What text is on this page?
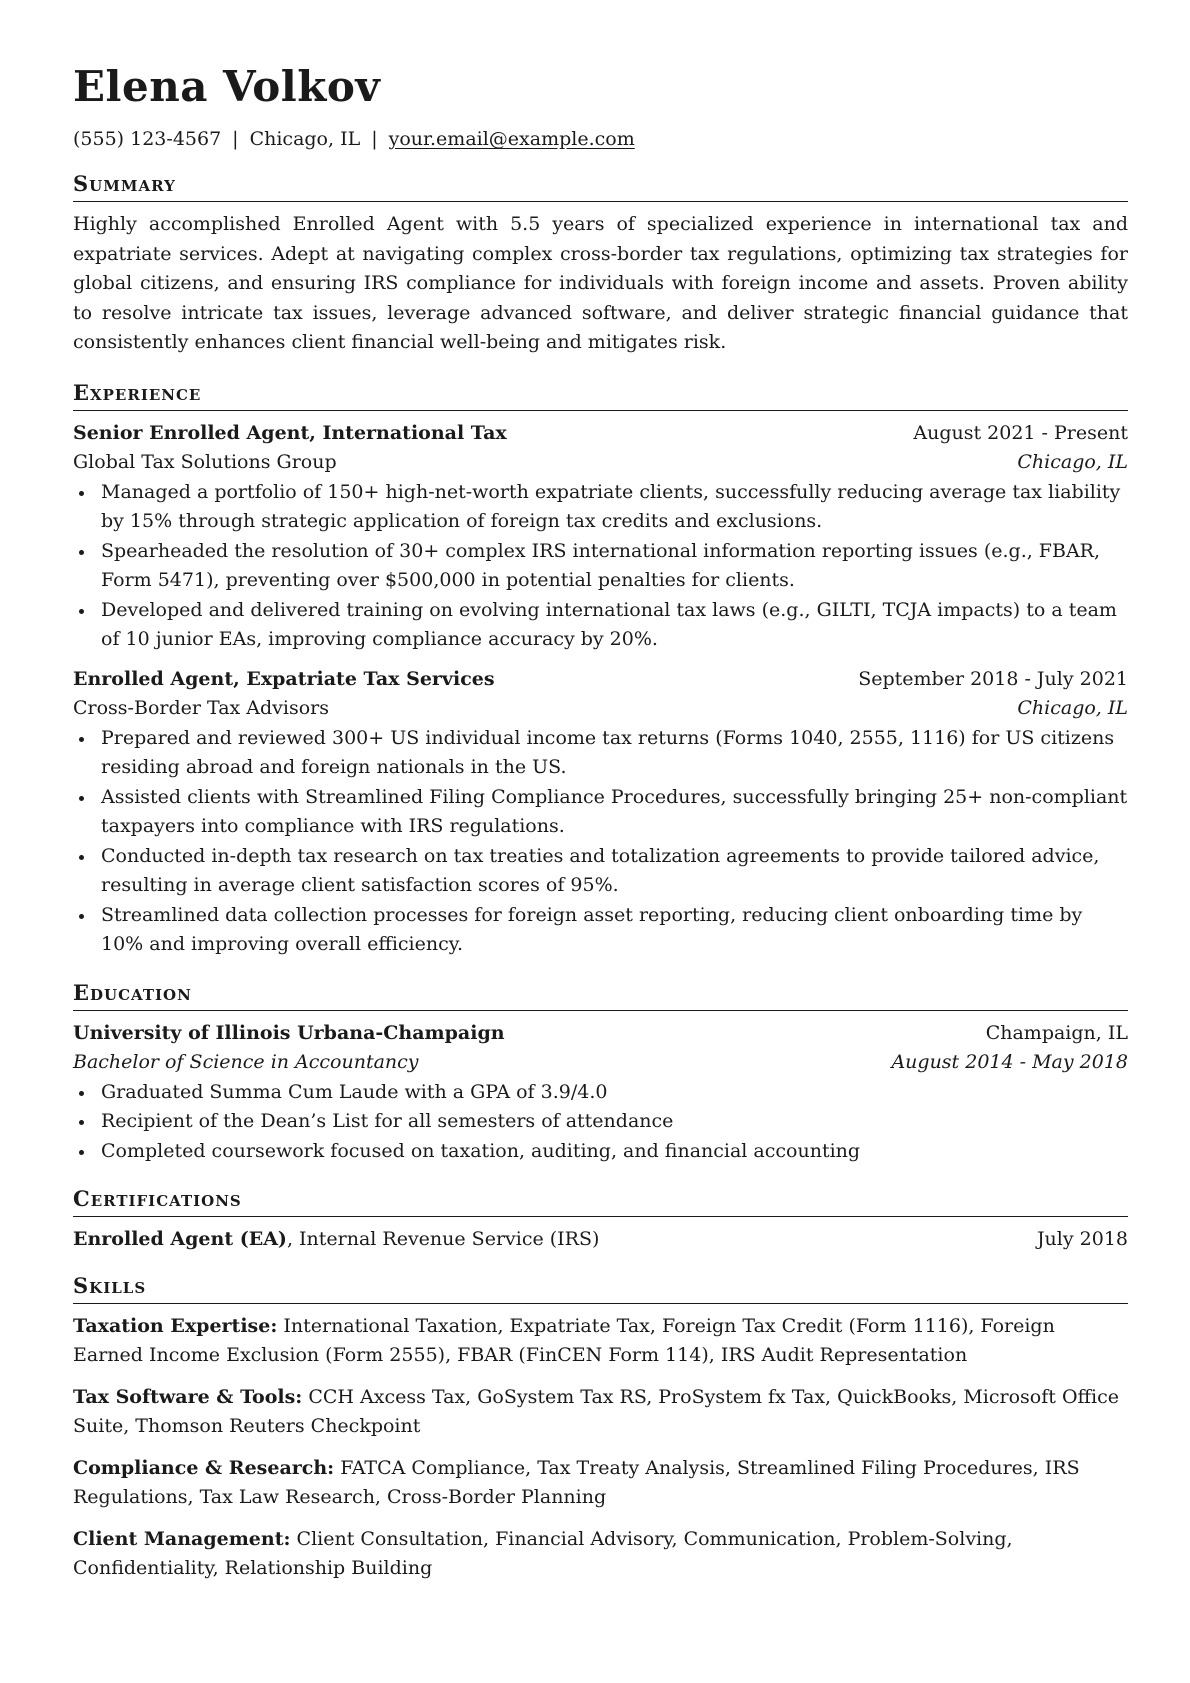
Elena Volkov
(555) 123-4567 | Chicago, IL | your.email@example.com
Summary
Highly accomplished Enrolled Agent with 5.5 years of specialized experience in international tax and expatriate services. Adept at navigating complex cross-border tax regulations, optimizing tax strategies for global citizens, and ensuring IRS compliance for individuals with foreign income and assets. Proven ability to resolve intricate tax issues, leverage advanced software, and deliver strategic financial guidance that consistently enhances client financial well-being and mitigates risk.
Experience
Senior Enrolled Agent, International Tax	August 2021 - Present
Global Tax Solutions Group	Chicago, IL
Managed a portfolio of 150+ high-net-worth expatriate clients, successfully reducing average tax liability by 15% through strategic application of foreign tax credits and exclusions.
Spearheaded the resolution of 30+ complex IRS international information reporting issues (e.g., FBAR, Form 5471), preventing over $500,000 in potential penalties for clients.
Developed and delivered training on evolving international tax laws (e.g., GILTI, TCJA impacts) to a team of 10 junior EAs, improving compliance accuracy by 20%.
Enrolled Agent, Expatriate Tax Services	September 2018 - July 2021
Cross-Border Tax Advisors	Chicago, IL
Prepared and reviewed 300+ US individual income tax returns (Forms 1040, 2555, 1116) for US citizens residing abroad and foreign nationals in the US.
Assisted clients with Streamlined Filing Compliance Procedures, successfully bringing 25+ non-compliant taxpayers into compliance with IRS regulations.
Conducted in-depth tax research on tax treaties and totalization agreements to provide tailored advice, resulting in average client satisfaction scores of 95%.
Streamlined data collection processes for foreign asset reporting, reducing client onboarding time by 10% and improving overall efficiency.
Education
University of Illinois Urbana-Champaign	Champaign, IL
Bachelor of Science in Accountancy	August 2014 - May 2018
Graduated Summa Cum Laude with a GPA of 3.9/4.0
Recipient of the Dean’s List for all semesters of attendance
Completed coursework focused on taxation, auditing, and financial accounting
Certifications
Enrolled Agent (EA), Internal Revenue Service (IRS)	July 2018
Skills
Taxation Expertise: International Taxation, Expatriate Tax, Foreign Tax Credit (Form 1116), Foreign Earned Income Exclusion (Form 2555), FBAR (FinCEN Form 114), IRS Audit Representation
Tax Software & Tools: CCH Axcess Tax, GoSystem Tax RS, ProSystem fx Tax, QuickBooks, Microsoft Office Suite, Thomson Reuters Checkpoint
Compliance & Research: FATCA Compliance, Tax Treaty Analysis, Streamlined Filing Procedures, IRS Regulations, Tax Law Research, Cross-Border Planning
Client Management: Client Consultation, Financial Advisory, Communication, Problem-Solving, Confidentiality, Relationship Building
